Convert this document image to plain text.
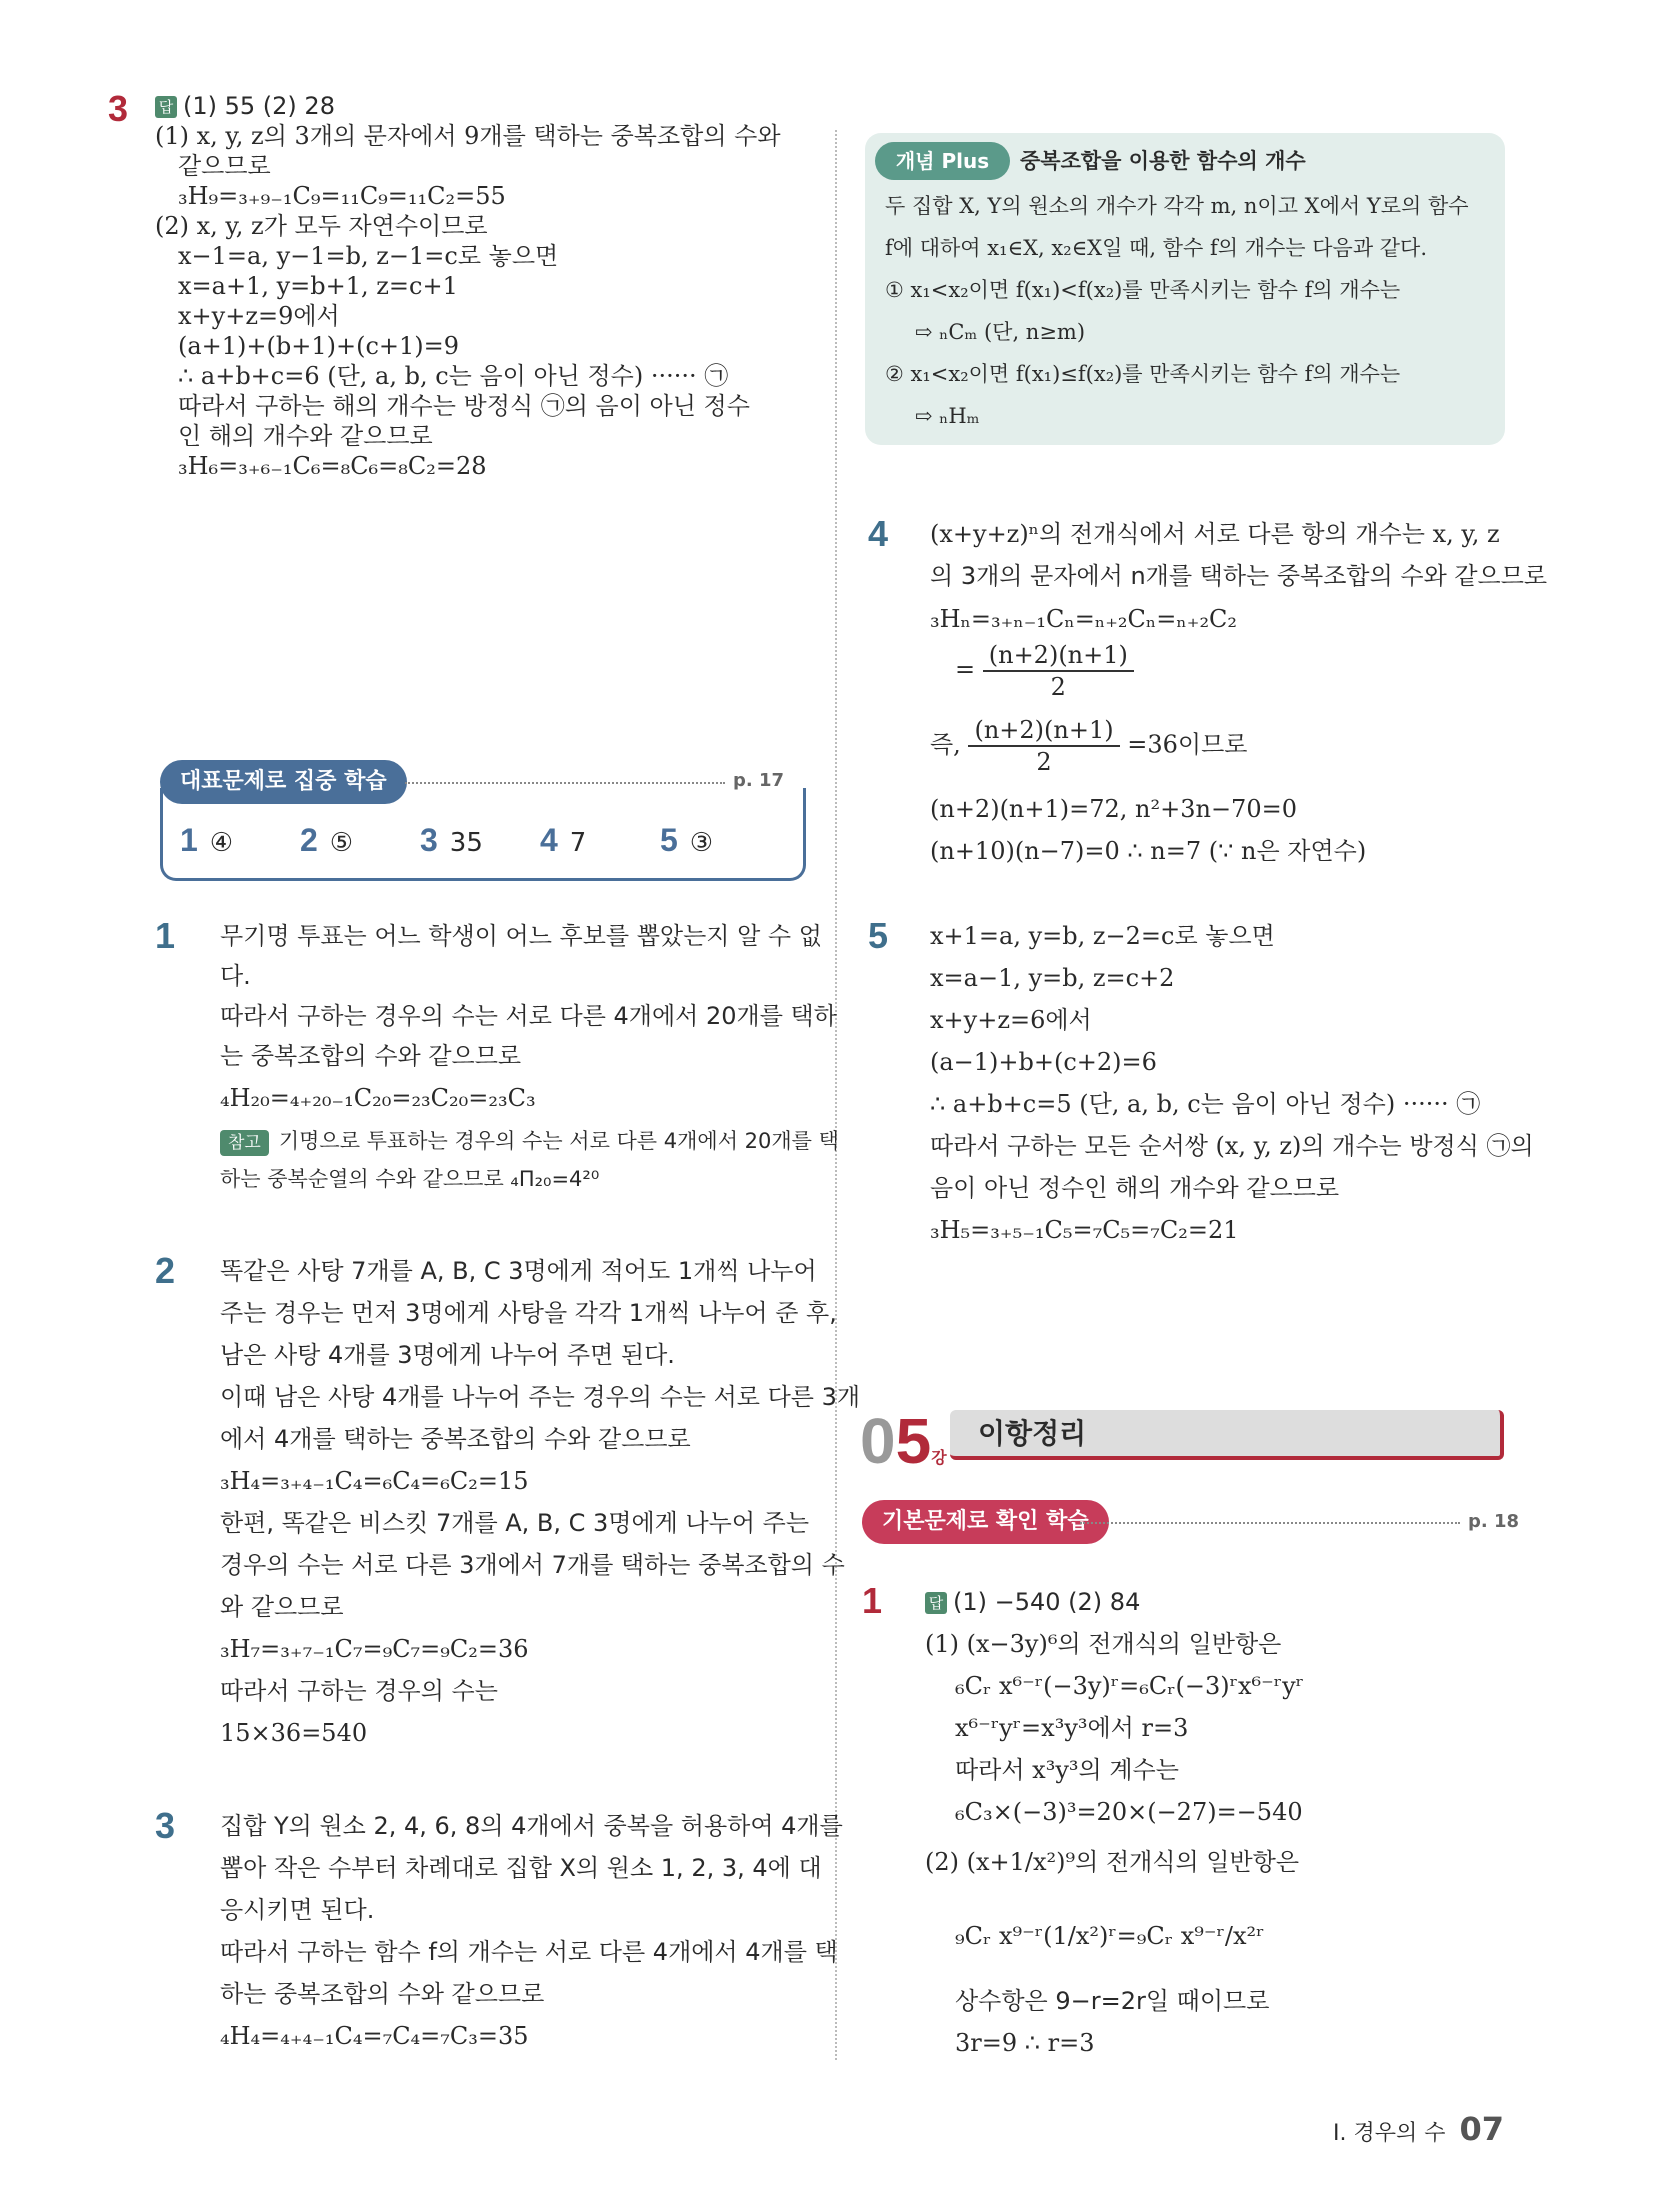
3 답 (1) 55 (2) 28
(1) x, y, z의 3개의 문자에서 9개를 택하는 중복조합의 수와
같으므로
₃H₉=₃₊₉₋₁C₉=₁₁C₉=₁₁C₂=55
(2) x, y, z가 모두 자연수이므로
x−1=a, y−1=b, z−1=c로 놓으면
x=a+1, y=b+1, z=c+1
x+y+z=9에서
(a+1)+(b+1)+(c+1)=9
∴ a+b+c=6 (단, a, b, c는 음이 아닌 정수) ······ ㉠
따라서 구하는 해의 개수는 방정식 ㉠의 음이 아닌 정수
인 해의 개수와 같으므로
₃H₆=₃₊₆₋₁C₆=₈C₆=₈C₂=28
대표문제로 집중 학습	p. 17
1 ④ 2 ⑤ 3 35 4 7 5 ③
1 무기명 투표는 어느 학생이 어느 후보를 뽑았는지 알 수 없
다.
따라서 구하는 경우의 수는 서로 다른 4개에서 20개를 택하
는 중복조합의 수와 같으므로
₄H₂₀=₄₊₂₀₋₁C₂₀=₂₃C₂₀=₂₃C₃
참고 기명으로 투표하는 경우의 수는 서로 다른 4개에서 20개를 택
하는 중복순열의 수와 같으므로 ₄Π₂₀=4²⁰
2 똑같은 사탕 7개를 A, B, C 3명에게 적어도 1개씩 나누어
주는 경우는 먼저 3명에게 사탕을 각각 1개씩 나누어 준 후,
남은 사탕 4개를 3명에게 나누어 주면 된다.
이때 남은 사탕 4개를 나누어 주는 경우의 수는 서로 다른 3개
에서 4개를 택하는 중복조합의 수와 같으므로
₃H₄=₃₊₄₋₁C₄=₆C₄=₆C₂=15
한편, 똑같은 비스킷 7개를 A, B, C 3명에게 나누어 주는
경우의 수는 서로 다른 3개에서 7개를 택하는 중복조합의 수
와 같으므로
₃H₇=₃₊₇₋₁C₇=₉C₇=₉C₂=36
따라서 구하는 경우의 수는
15×36=540
3 집합 Y의 원소 2, 4, 6, 8의 4개에서 중복을 허용하여 4개를
뽑아 작은 수부터 차례대로 집합 X의 원소 1, 2, 3, 4에 대
응시키면 된다.
따라서 구하는 함수 f의 개수는 서로 다른 4개에서 4개를 택
하는 중복조합의 수와 같으므로
₄H₄=₄₊₄₋₁C₄=₇C₄=₇C₃=35
개념 Plus	중복조합을 이용한 함수의 개수
두 집합 X, Y의 원소의 개수가 각각 m, n이고 X에서 Y로의 함수
f에 대하여 x₁∈X, x₂∈X일 때, 함수 f의 개수는 다음과 같다.
① x₁<x₂이면 f(x₁)<f(x₂)를 만족시키는 함수 f의 개수는
⇨ ₙCₘ (단, n≥m)
② x₁<x₂이면 f(x₁)≤f(x₂)를 만족시키는 함수 f의 개수는
⇨ ₙHₘ
4 (x+y+z)ⁿ의 전개식에서 서로 다른 항의 개수는 x, y, z
의 3개의 문자에서 n개를 택하는 중복조합의 수와 같으므로
₃Hₙ=₃₊ₙ₋₁Cₙ=ₙ₊₂Cₙ=ₙ₊₂C₂
= $\frac{(n+2)(n+1)}{2}$
즉, $\frac{(n+2)(n+1)}{2} =36$이므로
(n+2)(n+1)=72, n²+3n−70=0
(n+10)(n−7)=0 ∴ n=7 (∵ n은 자연수)
5 x+1=a, y=b, z−2=c로 놓으면
x=a−1, y=b, z=c+2
x+y+z=6에서
(a−1)+b+(c+2)=6
∴ a+b+c=5 (단, a, b, c는 음이 아닌 정수) ······ ㉠
따라서 구하는 모든 순서쌍 (x, y, z)의 개수는 방정식 ㉠의
음이 아닌 정수인 해의 개수와 같으므로
₃H₅=₃₊₅₋₁C₅=₇C₅=₇C₂=21
05강
이항정리
기본문제로 확인 학습	p. 18
1	답 (1) −540 (2) 84
(1) (x−3y)⁶의 전개식의 일반항은
₆Cᵣ x⁶⁻ʳ(−3y)ʳ=₆Cᵣ(−3)ʳx⁶⁻ʳyʳ
x⁶⁻ʳyʳ=x³y³에서 r=3
따라서 x³y³의 계수는
₆C₃×(−3)³=20×(−27)=−540
(2) (x+1/x²)⁹의 전개식의 일반항은
₉Cᵣ x⁹⁻ʳ(1/x²)ʳ=₉Cᵣ x⁹⁻ʳ/x²ʳ
상수항은 9−r=2r일 때이므로
3r=9 ∴ r=3
Ⅰ. 경우의 수 07
